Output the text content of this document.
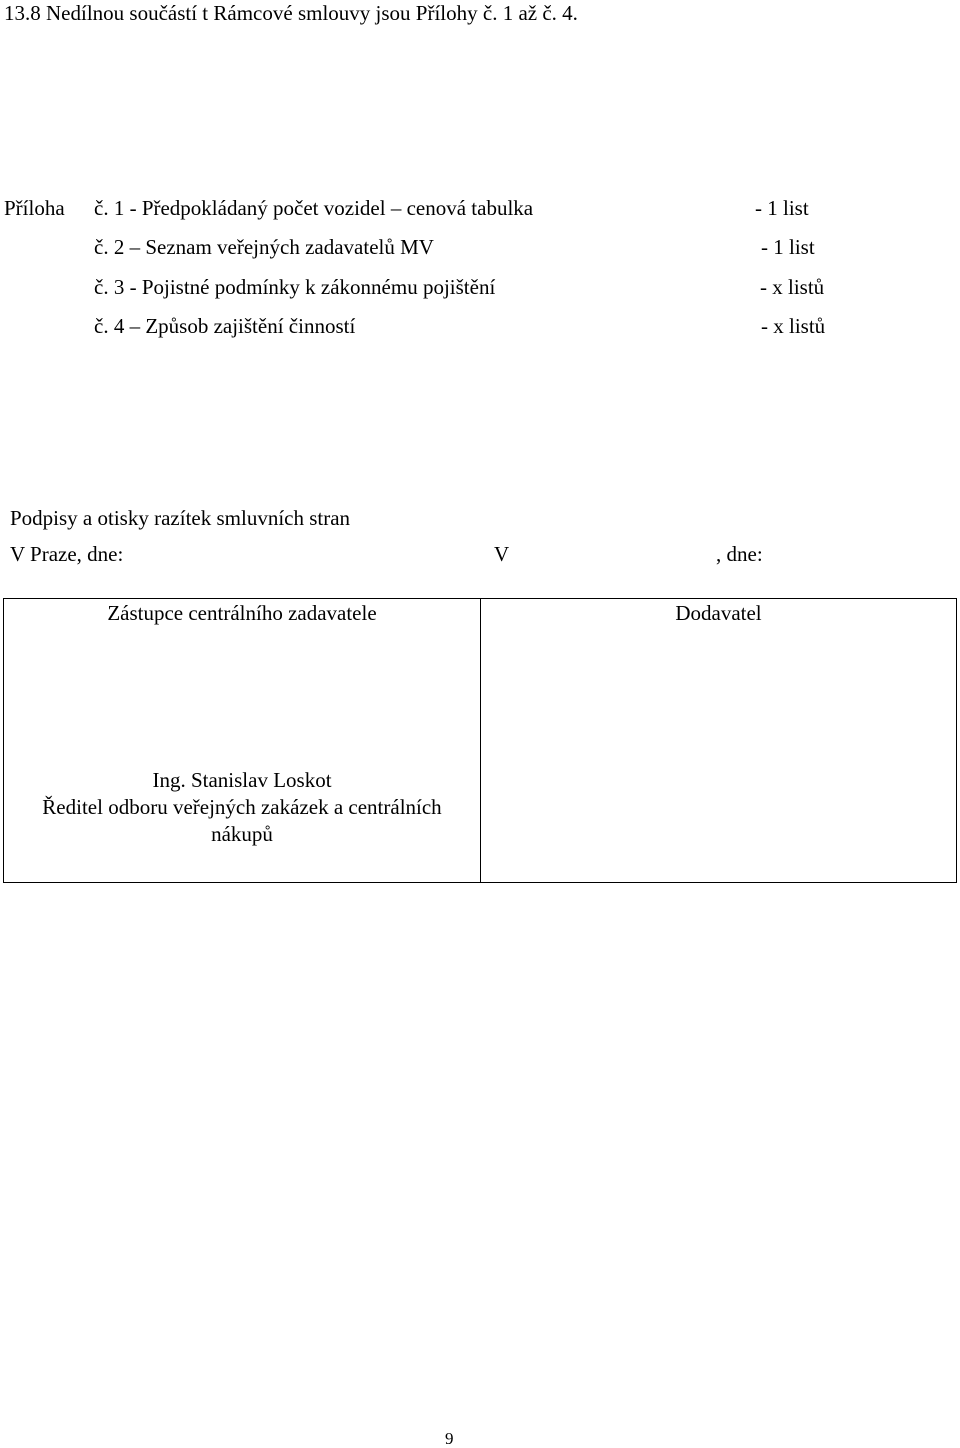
13.8 Nedílnou součástí t Rámcové smlouvy jsou Přílohy č. 1 až č. 4.
Příloha č. 1 - Předpokládaný počet vozidel – cenová tabulka	- 1 list
č. 2 – Seznam veřejných zadavatelů MV	- 1 list
č. 3 - Pojistné podmínky k zákonnému pojištění	- x listů
č. 4 – Způsob zajištění činností	- x listů
Podpisy a otisky razítek smluvních stran
V Praze, dne:	V	, dne:
Zástupce centrálního zadavatele
Ing. Stanislav Loskot
Ředitel odboru veřejných zakázek a centrálních
nákupů
Dodavatel
9
